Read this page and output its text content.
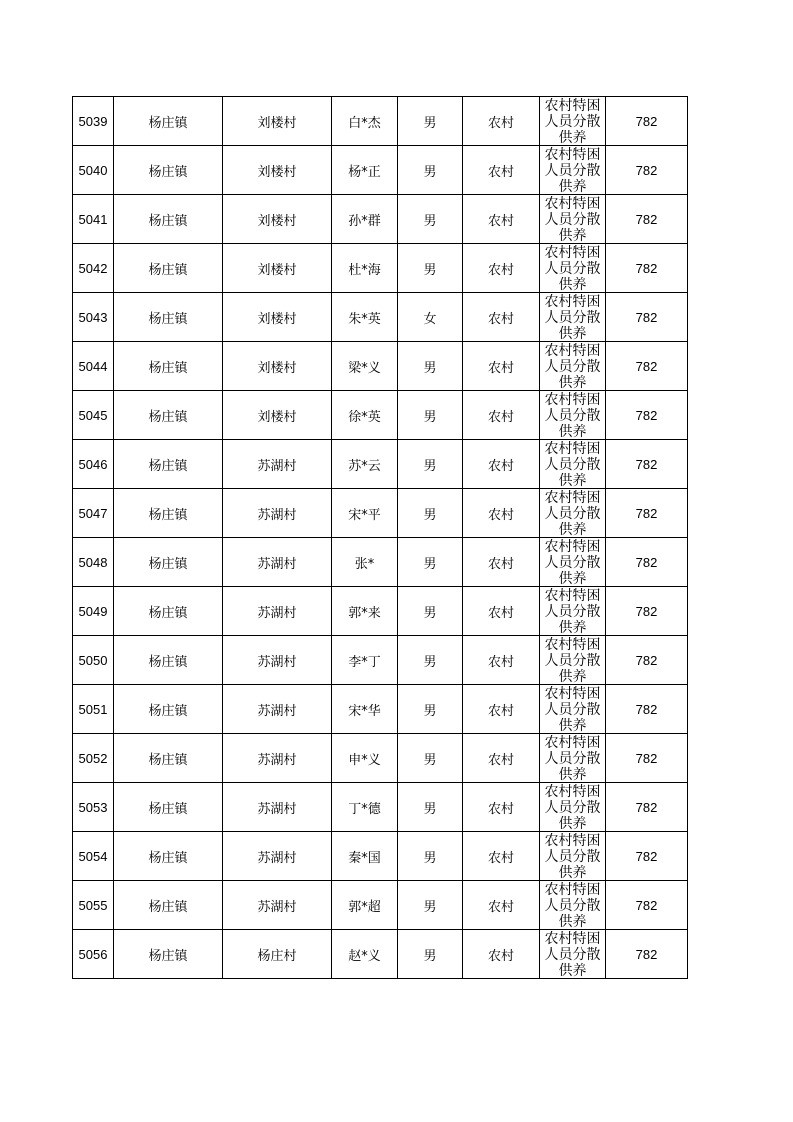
5039	杨庄镇	刘楼村	白*杰	男	农村	农村特困人员分散供养	782
5040	杨庄镇	刘楼村	杨*正	男	农村	农村特困人员分散供养	782
5041	杨庄镇	刘楼村	孙*群	男	农村	农村特困人员分散供养	782
5042	杨庄镇	刘楼村	杜*海	男	农村	农村特困人员分散供养	782
5043	杨庄镇	刘楼村	朱*英	女	农村	农村特困人员分散供养	782
5044	杨庄镇	刘楼村	梁*义	男	农村	农村特困人员分散供养	782
5045	杨庄镇	刘楼村	徐*英	男	农村	农村特困人员分散供养	782
5046	杨庄镇	苏湖村	苏*云	男	农村	农村特困人员分散供养	782
5047	杨庄镇	苏湖村	宋*平	男	农村	农村特困人员分散供养	782
5048	杨庄镇	苏湖村	张*	男	农村	农村特困人员分散供养	782
5049	杨庄镇	苏湖村	郭*来	男	农村	农村特困人员分散供养	782
5050	杨庄镇	苏湖村	李*丁	男	农村	农村特困人员分散供养	782
5051	杨庄镇	苏湖村	宋*华	男	农村	农村特困人员分散供养	782
5052	杨庄镇	苏湖村	申*义	男	农村	农村特困人员分散供养	782
5053	杨庄镇	苏湖村	丁*德	男	农村	农村特困人员分散供养	782
5054	杨庄镇	苏湖村	秦*国	男	农村	农村特困人员分散供养	782
5055	杨庄镇	苏湖村	郭*超	男	农村	农村特困人员分散供养	782
5056	杨庄镇	杨庄村	赵*义	男	农村	农村特困人员分散供养	782
